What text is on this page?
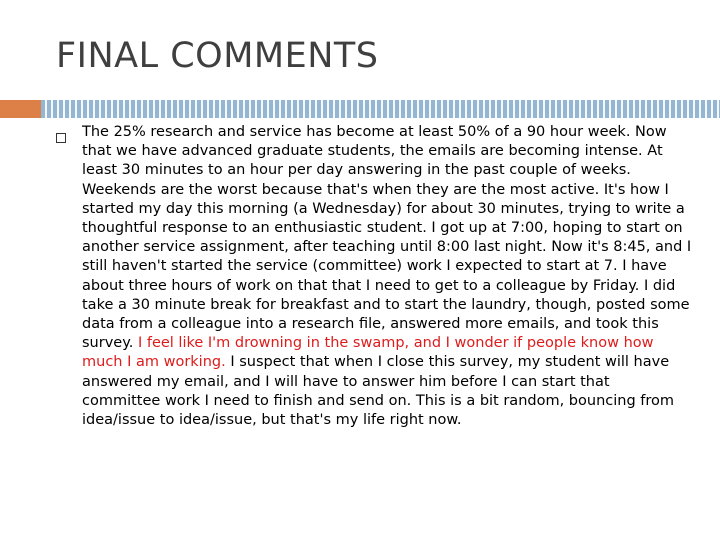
FINAL COMMENTS
The 25% research and service has become at least 50% of a 90 hour week. Now that we have advanced graduate students, the emails are becoming intense. At least 30 minutes to an hour per day answering in the past couple of weeks. Weekends are the worst because that's when they are the most active. It's how I started my day this morning (a Wednesday) for about 30 minutes, trying to write a thoughtful response to an enthusiastic student. I got up at 7:00, hoping to start on another service assignment, after teaching until 8:00 last night. Now it's 8:45, and I still haven't started the service (committee) work I expected to start at 7. I have about three hours of work on that that I need to get to a colleague by Friday. I did take a 30 minute break for breakfast and to start the laundry, though, posted some data from a colleague into a research file, answered more emails, and took this survey. I feel like I'm drowning in the swamp, and I wonder if people know how much I am working. I suspect that when I close this survey, my student will have answered my email, and I will have to answer him before I can start that committee work I need to finish and send on. This is a bit random, bouncing from idea/issue to idea/issue, but that's my life right now.
